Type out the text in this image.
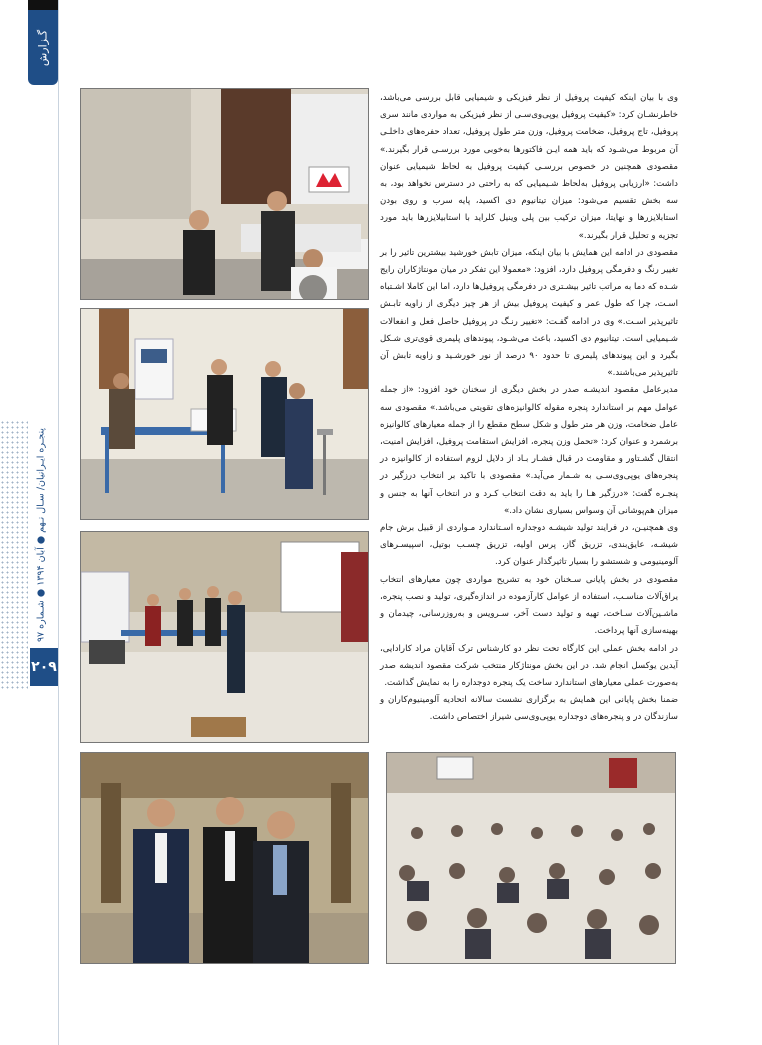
گـزارش
پنجـره ایـرانیان/ سـال نـهم ● آبان ۱۳۹۴ ● شـماره ۹۷
۲۰۹

وی با بیان اینکه کیفیت پروفیل از نظر فیزیکی و شیمیایی قابل بررسی می‌باشد، خاطرنشـان کرد: «کیفیت پروفیل یوپی‌وی‌سـی از نظر فیزیکی به مواردی مانند سری پروفیل، تاج پروفیل، ضخامت پروفیل، وزن متر طول پروفیل، تعداد حفره‌های داخلـی آن مربوط می‌شـود که باید همه ایـن فاکتورها به‌خوبی مورد بررسـی قرار بگیرند.» مقصودی همچنین در خصوص بررسـی کیفیت پروفیل به لحاظ شیمیایی عنوان داشت: «ارزیابی پروفیل به‌لحاظ شـیمیایی که به راحتی در دسترس نخواهد بود، به سه بخش تقسیم می‌شود: میزان تیتانیوم دی اکسید، پایه سرب و روی بودن استابلایزرها و نهایتا، میزان ترکیب بین پلی وینیل کلراید با استابیلایزرها باید مورد تجزیه و تحلیل قرار بگیرند.»

مقصودی در ادامه این همایش با بیان اینکه، میزان تابش خورشید بیشترین تاثیر را بر تغییر رنگ و دفرمگی پروفیل دارد، افزود: «معمولا این تفکر در میان مونتاژکاران رایج شـده که دما به مراتب تاثیر بیشـتری در دفرمگی پروفیل‌ها دارد، اما این کاملا اشـتباه اسـت، چرا که طول عمر و کیفیت پروفیل بیش از هر چیز دیگری از زاویه تابـش تاثیرپذیر اسـت.» وی در ادامه گفـت: «تغییر رنـگ در پروفیل حاصل فعل و انفعالات شـیمیایی است. تیتانیوم دی اکسید، باعث می‌شـود، پیوندهای پلیمری قوی‌تری شـکل بگیرد و این پیوندهای پلیمری تا حدود ۹۰ درصد از نور خورشـید و زاویه تابش آن تاثیرپذیر می‌باشند.»

مدیرعامل مقصود اندیشـه صدر در بخش دیگری از سخنان خود افزود: «از جمله عوامل مهم بر استاندارد پنجره مقوله کالوانیزه‌های تقویتی می‌باشد.» مقصودی سه عامل ضخامت، وزن هر متر طول و شکل سطح مقطع را از جمله معیارهای کالوانیزه برشمرد و عنوان کرد: «تحمل وزن پنجره، افزایش استقامت پروفیل، افزایش امنیت، انتقال گشـتاور و مقاومت در قبال فشـار بـاد از دلایل لزوم استفاده از کالوانیزه در پنجره‌های یوپی‌وی‌سـی به شـمار می‌آید.» مقصودی با تاکید بر انتخاب درزگیر در پنجـره گفت: «درزگیر هـا را باید به دقت انتخاب کـرد و در انتخاب آنها به جنس و میزان هم‌پوشانی آن وسواس بسیاری نشان داد.»

وی همچنیـن، در فرایند تولید شیشـه دوجداره اسـتاندارد مـواردی از قبیل برش جام شیشـه، عایق‌بندی، تزریق گاز، پرس اولیه، تزریق چسـب بوتیل، اسپیسـرهای آلومینیومی و شستشو را بسیار تاثیرگذار عنوان کرد.

مقصودی در بخش پایانی سـخنان خود به تشریح مواردی چون معیارهای انتخاب یراق‌آلات مناسـب، استفاده از عوامل کارآزموده در اندازه‌گیری، تولید و نصب پنجره، ماشـین‌آلات سـاخت، تهیه و تولید دست آخر، سـرویس و به‌روزرسانی، چیدمان و بهینه‌سازی آنها پرداخت.

در ادامه بخش عملی این کارگاه تحت نظر دو کارشناس ترک آقایان مراد کارادایی، آیدین یوکسل انجام شد. در این بخش مونتاژکار منتخب شرکت مقصود اندیشه صدر به‌صورت عملی معیارهای استاندارد ساخت یک پنجره دوجداره را به نمایش گذاشت.

ضمنا بخش پایانی این همایش به برگزاری نشست سالانه اتحادیه آلومینیوم‌کاران و سازندگان در و پنجره‌های دوجداره یوپی‌وی‌سی شیراز اختصاص داشت.
